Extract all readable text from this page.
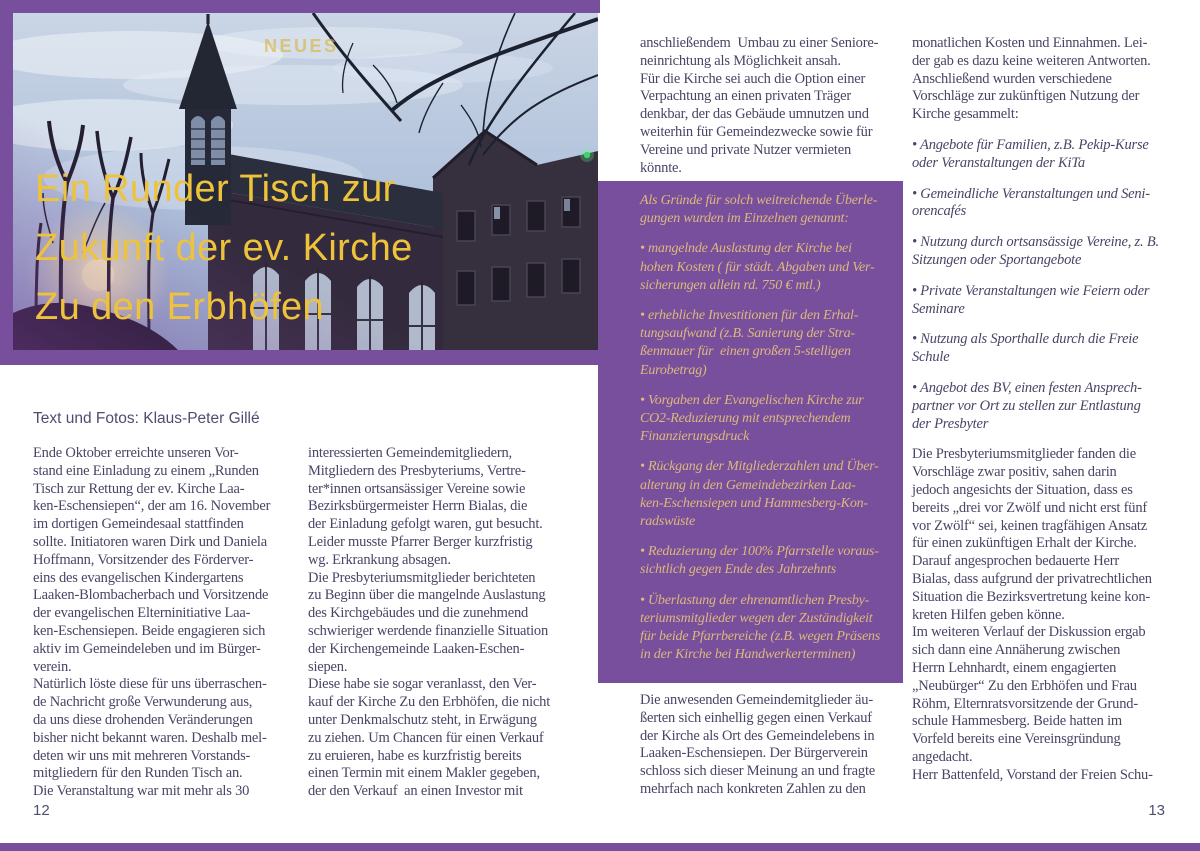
NEUES
Ein Runder Tisch zur
Zukunft der ev. Kirche
Zu den Erbhöfen
Text und Fotos: Klaus-Peter Gillé
Ende Oktober erreichte unseren Vor-
stand eine Einladung zu einem „Runden
Tisch zur Rettung der ev. Kirche Laa-
ken-Eschensiepen“, der am 16. November
im dortigen Gemeindesaal stattfinden
sollte. Initiatoren waren Dirk und Daniela
Hoffmann, Vorsitzender des Förderver-
eins des evangelischen Kindergartens
Laaken-Blombacherbach und Vorsitzende
der evangelischen Elterninitiative Laa-
ken-Eschensiepen. Beide engagieren sich
aktiv im Gemeindeleben und im Bürger-
verein.
Natürlich löste diese für uns überraschen-
de Nachricht große Verwunderung aus,
da uns diese drohenden Veränderungen
bisher nicht bekannt waren. Deshalb mel-
deten wir uns mit mehreren Vorstands-
mitgliedern für den Runden Tisch an.
Die Veranstaltung war mit mehr als 30
interessierten Gemeindemitgliedern,
Mitgliedern des Presbyteriums, Vertre-
ter*innen ortsansässiger Vereine sowie
Bezirksbürgermeister Herrn Bialas, die
der Einladung gefolgt waren, gut besucht.
Leider musste Pfarrer Berger kurzfristig
wg. Erkrankung absagen.
Die Presbyteriumsmitglieder berichteten
zu Beginn über die mangelnde Auslastung
des Kirchgebäudes und die zunehmend
schwieriger werdende finanzielle Situation
der Kirchengemeinde Laaken-Eschen-
siepen.
Diese habe sie sogar veranlasst, den Ver-
kauf der Kirche Zu den Erbhöfen, die nicht
unter Denkmalschutz steht, in Erwägung
zu ziehen. Um Chancen für einen Verkauf
zu eruieren, habe es kurzfristig bereits
einen Termin mit einem Makler gegeben,
der den Verkauf  an einen Investor mit
anschließendem  Umbau zu einer Seniore-
neinrichtung als Möglichkeit ansah.
Für die Kirche sei auch die Option einer
Verpachtung an einen privaten Träger
denkbar, der das Gebäude umnutzen und
weiterhin für Gemeindezwecke sowie für
Vereine und private Nutzer vermieten
könnte.
Als Gründe für solch weitreichende Überle-
gungen wurden im Einzelnen genannt:
• mangelnde Auslastung der Kirche bei
hohen Kosten ( für städt. Abgaben und Ver-
sicherungen allein rd. 750 € mtl.)
• erhebliche Investitionen für den Erhal-
tungsaufwand (z.B. Sanierung der Stra-
ßenmauer für  einen großen 5-stelligen
Eurobetrag)
• Vorgaben der Evangelischen Kirche zur
CO2-Reduzierung mit entsprechendem
Finanzierungsdruck
• Rückgang der Mitgliederzahlen und Über-
alterung in den Gemeindebezirken Laa-
ken-Eschensiepen und Hammesberg-Kon-
radswüste
• Reduzierung der 100% Pfarrstelle voraus-
sichtlich gegen Ende des Jahrzehnts
• Überlastung der ehrenamtlichen Presby-
teriumsmitglieder wegen der Zuständigkeit
für beide Pfarrbereiche (z.B. wegen Präsens
in der Kirche bei Handwerkerterminen)
Die anwesenden Gemeindemitglieder äu-
ßerten sich einhellig gegen einen Verkauf
der Kirche als Ort des Gemeindelebens in
Laaken-Eschensiepen. Der Bürgerverein
schloss sich dieser Meinung an und fragte
mehrfach nach konkreten Zahlen zu den
monatlichen Kosten und Einnahmen. Lei-
der gab es dazu keine weiteren Antworten.
Anschließend wurden verschiedene
Vorschläge zur zukünftigen Nutzung der
Kirche gesammelt:
• Angebote für Familien, z.B. Pekip-Kurse
oder Veranstaltungen der KiTa
• Gemeindliche Veranstaltungen und Seni-
orencafés
• Nutzung durch ortsansässige Vereine, z. B.
Sitzungen oder Sportangebote
• Private Veranstaltungen wie Feiern oder
Seminare
• Nutzung als Sporthalle durch die Freie
Schule
• Angebot des BV, einen festen Ansprech-
partner vor Ort zu stellen zur Entlastung
der Presbyter
Die Presbyteriumsmitglieder fanden die
Vorschläge zwar positiv, sahen darin
jedoch angesichts der Situation, dass es
bereits „drei vor Zwölf und nicht erst fünf
vor Zwölf“ sei, keinen tragfähigen Ansatz
für einen zukünftigen Erhalt der Kirche.
Darauf angesprochen bedauerte Herr
Bialas, dass aufgrund der privatrechtlichen
Situation die Bezirksvertretung keine kon-
kreten Hilfen geben könne.
Im weiteren Verlauf der Diskussion ergab
sich dann eine Annäherung zwischen
Herrn Lehnhardt, einem engagierten
„Neubürger“ Zu den Erbhöfen und Frau
Röhm, Elternratsvorsitzende der Grund-
schule Hammesberg. Beide hatten im
Vorfeld bereits eine Vereinsgründung
angedacht.
Herr Battenfeld, Vorstand der Freien Schu-
12	13
